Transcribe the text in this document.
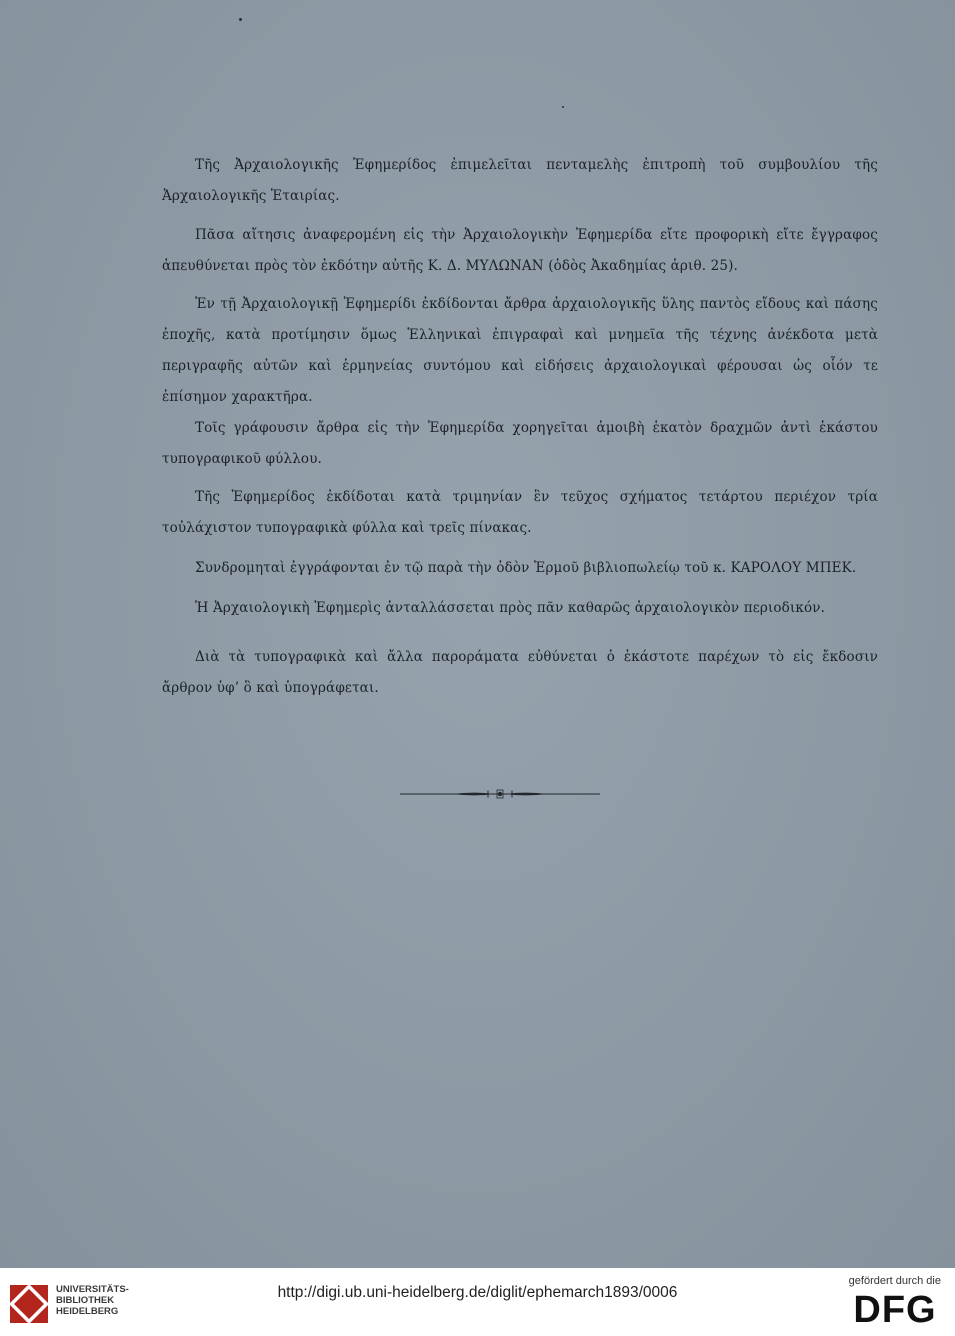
Τῆς Ἀρχαιολογικῆς Ἐφημερίδος ἐπιμελεῖται πενταμελὴς ἐπιτροπὴ τοῦ συμβουλίου τῆς Ἀρχαιολογικῆς Ἑταιρίας.

Πᾶσα αἴτησις ἀναφερομένη εἰς τὴν Ἀρχαιολογικὴν Ἐφημερίδα εἴτε προφορικὴ εἴτε ἔγγραφος ἀπευθύνεται πρὸς τὸν ἐκδότην αὐτῆς Κ. Δ. ΜΥΛΩΝΑΝ (ὁδὸς Ἀκαδημίας ἀριθ. 25).

Ἐν τῇ Ἀρχαιολογικῇ Ἐφημερίδι ἐκδίδονται ἄρθρα ἀρχαιολογικῆς ὕλης παντὸς εἴδους καὶ πάσης ἐποχῆς, κατὰ προτίμησιν ὅμως Ἑλληνικαὶ ἐπιγραφαὶ καὶ μνημεῖα τῆς τέχνης ἀνέκδοτα μετὰ περιγραφῆς αὐτῶν καὶ ἑρμηνείας συντόμου καὶ εἰδήσεις ἀρχαιολογικαὶ φέρουσαι ὡς οἷόν τε ἐπίσημον χαρακτῆρα.

Τοῖς γράφουσιν ἄρθρα εἰς τὴν Ἐφημερίδα χορηγεῖται ἀμοιβὴ ἑκατὸν δραχμῶν ἀντὶ ἑκάστου τυπογραφικοῦ φύλλου.

Τῆς Ἐφημερίδος ἐκδίδοται κατὰ τριμηνίαν ἓν τεῦχος σχήματος τετάρτου περιέχον τρία τοὐλάχιστον τυπογραφικὰ φύλλα καὶ τρεῖς πίνακας.

Συνδρομηταὶ ἐγγράφονται ἐν τῷ παρὰ τὴν ὁδὸν Ἑρμοῦ βιβλιοπωλείῳ τοῦ κ. ΚΑΡΟΛΟΥ ΜΠΕΚ.

Ἡ Ἀρχαιολογικὴ Ἐφημερὶς ἀνταλλάσσεται πρὸς πᾶν καθαρῶς ἀρχαιολογικὸν περιοδικόν.

Διὰ τὰ τυπογραφικὰ καὶ ἄλλα παροράματα εὐθύνεται ὁ ἑκάστοτε παρέχων τὸ εἰς ἔκδοσιν ἄρθρον ὑφ’ ὃ καὶ ὑπογράφεται.

UNIVERSITÄTS-
BIBLIOTHEK
HEIDELBERG
http://digi.ub.uni-heidelberg.de/diglit/ephemarch1893/0006
gefördert durch die
DFG
